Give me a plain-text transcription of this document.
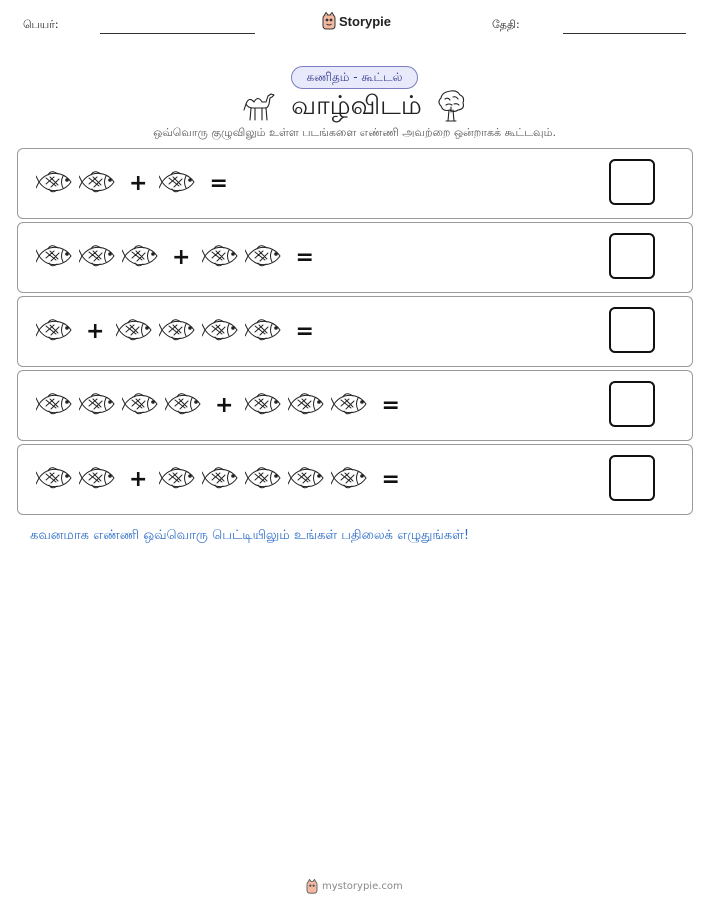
பெயர்:	Storypie	தேதி:
கணிதம் - கூட்டல்
வாழ்விடம்
ஒவ்வொரு குழுவிலும் உள்ள படங்களை எண்ணி அவற்றை ஒன்றாகக் கூட்டவும்.
+	=
+	=
+	=
+	=
+	=
கவனமாக எண்ணி ஒவ்வொரு பெட்டியிலும் உங்கள் பதிலைக் எழுதுங்கள்!
mystorypie.com
